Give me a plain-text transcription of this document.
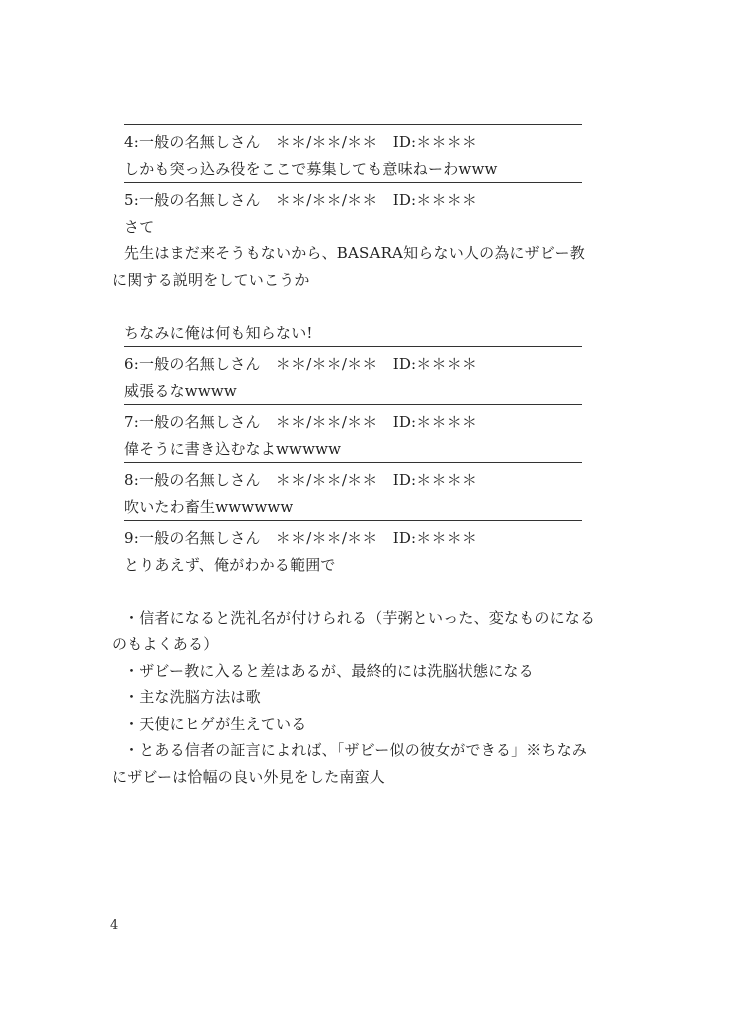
4:一般の名無しさん　＊＊/＊＊/＊＊　ID:＊＊＊＊
しかも突っ込み役をここで募集しても意味ねーわwww
5:一般の名無しさん　＊＊/＊＊/＊＊　ID:＊＊＊＊
さて
先生はまだ来そうもないから、BASARA知らない人の為にザビー教
に関する説明をしていこうか
ちなみに俺は何も知らない!
6:一般の名無しさん　＊＊/＊＊/＊＊　ID:＊＊＊＊
威張るなwwww
7:一般の名無しさん　＊＊/＊＊/＊＊　ID:＊＊＊＊
偉そうに書き込むなよwwwww
8:一般の名無しさん　＊＊/＊＊/＊＊　ID:＊＊＊＊
吹いたわ畜生wwwwww
9:一般の名無しさん　＊＊/＊＊/＊＊　ID:＊＊＊＊
とりあえず、俺がわかる範囲で
・信者になると洗礼名が付けられる（芋粥といった、変なものになる
のもよくある）
・ザビー教に入ると差はあるが、最終的には洗脳状態になる
・主な洗脳方法は歌
・天使にヒゲが生えている
・とある信者の証言によれば、「ザビー似の彼女ができる」※ちなみ
にザビーは恰幅の良い外見をした南蛮人
4
